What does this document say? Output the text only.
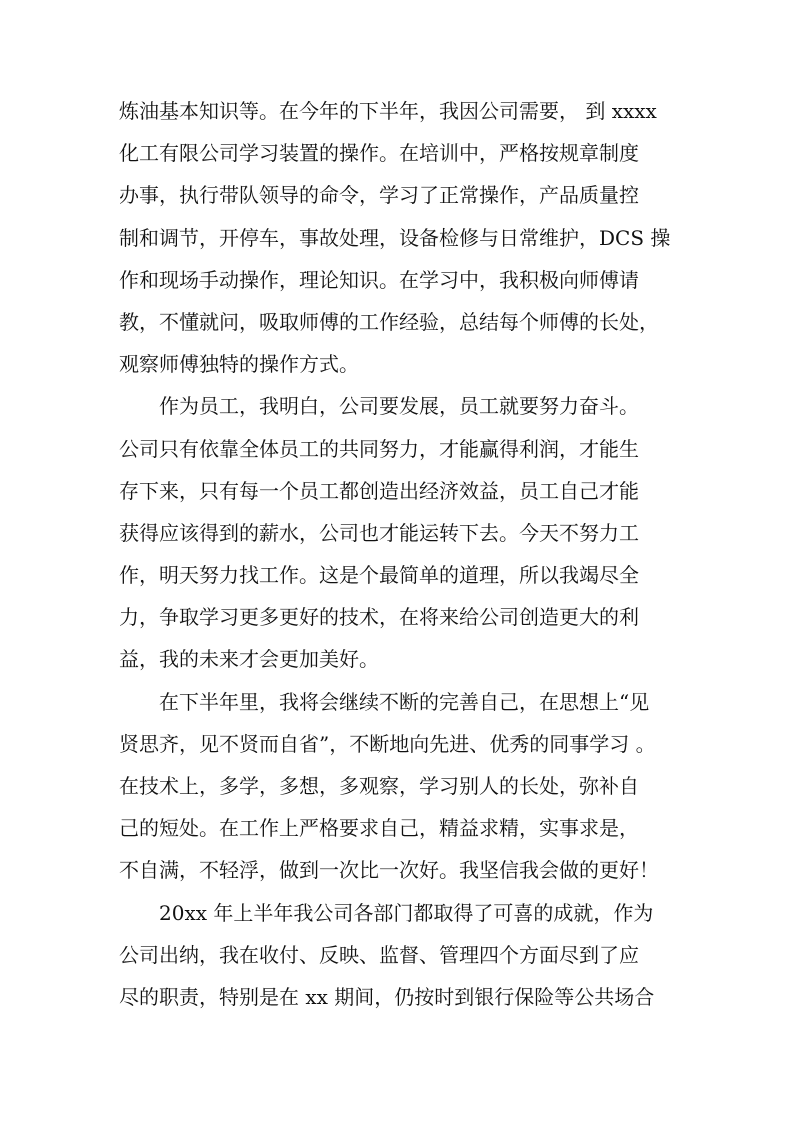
炼油基本知识等。在今年的下半年，我因公司需要， 到 xxxx
化工有限公司学习装置的操作。在培训中，严格按规章制度
办事，执行带队领导的命令，学习了正常操作，产品质量控
制和调节，开停车，事故处理，设备检修与日常维护，DCS 操
作和现场手动操作，理论知识。在学习中，我积极向师傅请
教，不懂就问，吸取师傅的工作经验，总结每个师傅的长处，
观察师傅独特的操作方式。
作为员工，我明白，公司要发展，员工就要努力奋斗。
公司只有依靠全体员工的共同努力，才能赢得利润，才能生
存下来，只有每一个员工都创造出经济效益，员工自己才能
获得应该得到的薪水，公司也才能运转下去。今天不努力工
作，明天努力找工作。这是个最简单的道理，所以我竭尽全
力，争取学习更多更好的技术，在将来给公司创造更大的利
益，我的未来才会更加美好。
在下半年里，我将会继续不断的完善自己，在思想上“见
贤思齐，见不贤而自省”，不断地向先进、优秀的同事学习 。
在技术上，多学，多想，多观察，学习别人的长处，弥补自
己的短处。在工作上严格要求自己，精益求精，实事求是，
不自满，不轻浮，做到一次比一次好。我坚信我会做的更好！
20xx 年上半年我公司各部门都取得了可喜的成就，作为
公司出纳，我在收付、反映、监督、管理四个方面尽到了应
尽的职责，特别是在 xx 期间，仍按时到银行保险等公共场合
